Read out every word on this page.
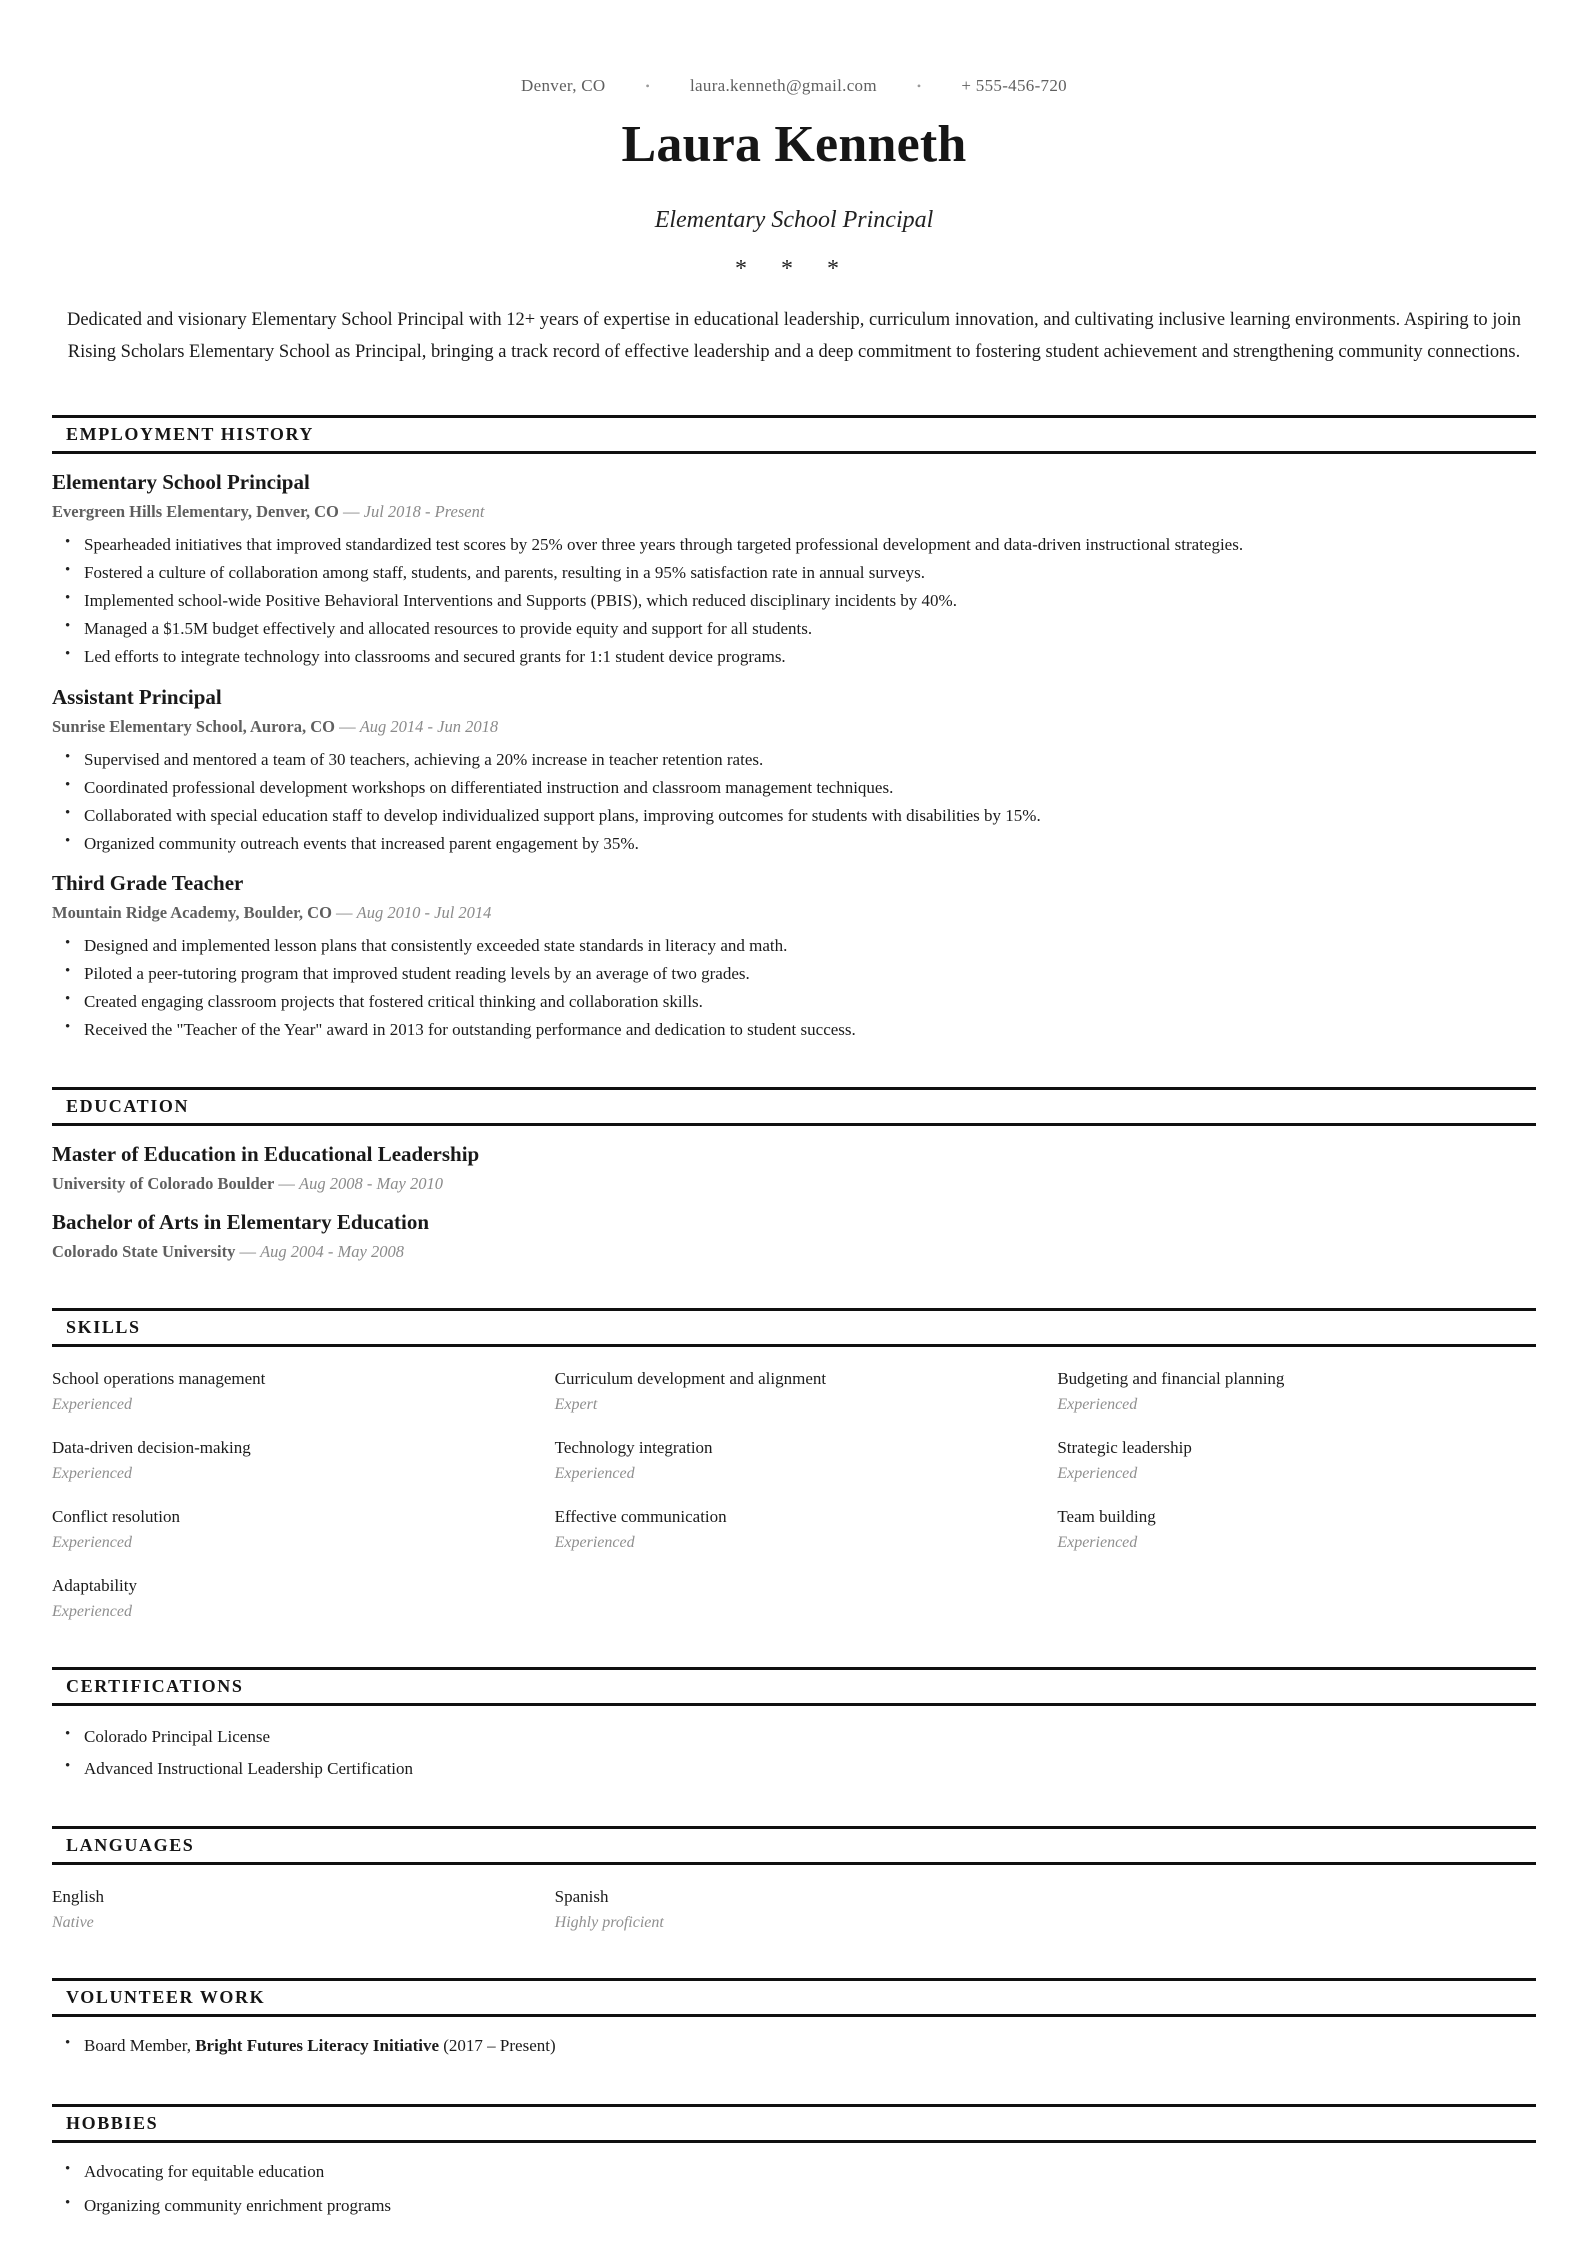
Denver, CO	• laura.kenneth@gmail.com	• + 555-456-720
Laura Kenneth
Elementary School Principal
* * *

Dedicated and visionary Elementary School Principal with 12+ years of expertise in educational leadership, curriculum innovation, and cultivating inclusive learning environments. Aspiring to join Rising Scholars Elementary School as Principal, bringing a track record of effective leadership and a deep commitment to fostering student achievement and strengthening community connections.

EMPLOYMENT HISTORY
Elementary School Principal
Evergreen Hills Elementary, Denver, CO — Jul 2018 - Present
• Spearheaded initiatives that improved standardized test scores by 25% over three years through targeted professional development and data-driven instructional strategies.
• Fostered a culture of collaboration among staff, students, and parents, resulting in a 95% satisfaction rate in annual surveys.
• Implemented school-wide Positive Behavioral Interventions and Supports (PBIS), which reduced disciplinary incidents by 40%.
• Managed a $1.5M budget effectively and allocated resources to provide equity and support for all students.
• Led efforts to integrate technology into classrooms and secured grants for 1:1 student device programs.
Assistant Principal
Sunrise Elementary School, Aurora, CO — Aug 2014 - Jun 2018
• Supervised and mentored a team of 30 teachers, achieving a 20% increase in teacher retention rates.
• Coordinated professional development workshops on differentiated instruction and classroom management techniques.
• Collaborated with special education staff to develop individualized support plans, improving outcomes for students with disabilities by 15%.
• Organized community outreach events that increased parent engagement by 35%.
Third Grade Teacher
Mountain Ridge Academy, Boulder, CO — Aug 2010 - Jul 2014
• Designed and implemented lesson plans that consistently exceeded state standards in literacy and math.
• Piloted a peer-tutoring program that improved student reading levels by an average of two grades.
• Created engaging classroom projects that fostered critical thinking and collaboration skills.
• Received the "Teacher of the Year" award in 2013 for outstanding performance and dedication to student success.
EDUCATION
Master of Education in Educational Leadership
University of Colorado Boulder — Aug 2008 - May 2010
Bachelor of Arts in Elementary Education
Colorado State University — Aug 2004 - May 2008
SKILLS
School operations management
Experienced
Curriculum development and alignment
Expert
Budgeting and financial planning
Experienced
Data-driven decision-making
Experienced
Technology integration
Experienced
Strategic leadership
Experienced
Conflict resolution
Experienced
Effective communication
Experienced
Team building
Experienced
Adaptability
Experienced
CERTIFICATIONS
• Colorado Principal License
• Advanced Instructional Leadership Certification
LANGUAGES
English
Native
Spanish
Highly proficient
VOLUNTEER WORK
• Board Member, Bright Futures Literacy Initiative (2017 – Present)
HOBBIES
• Advocating for equitable education
• Organizing community enrichment programs
